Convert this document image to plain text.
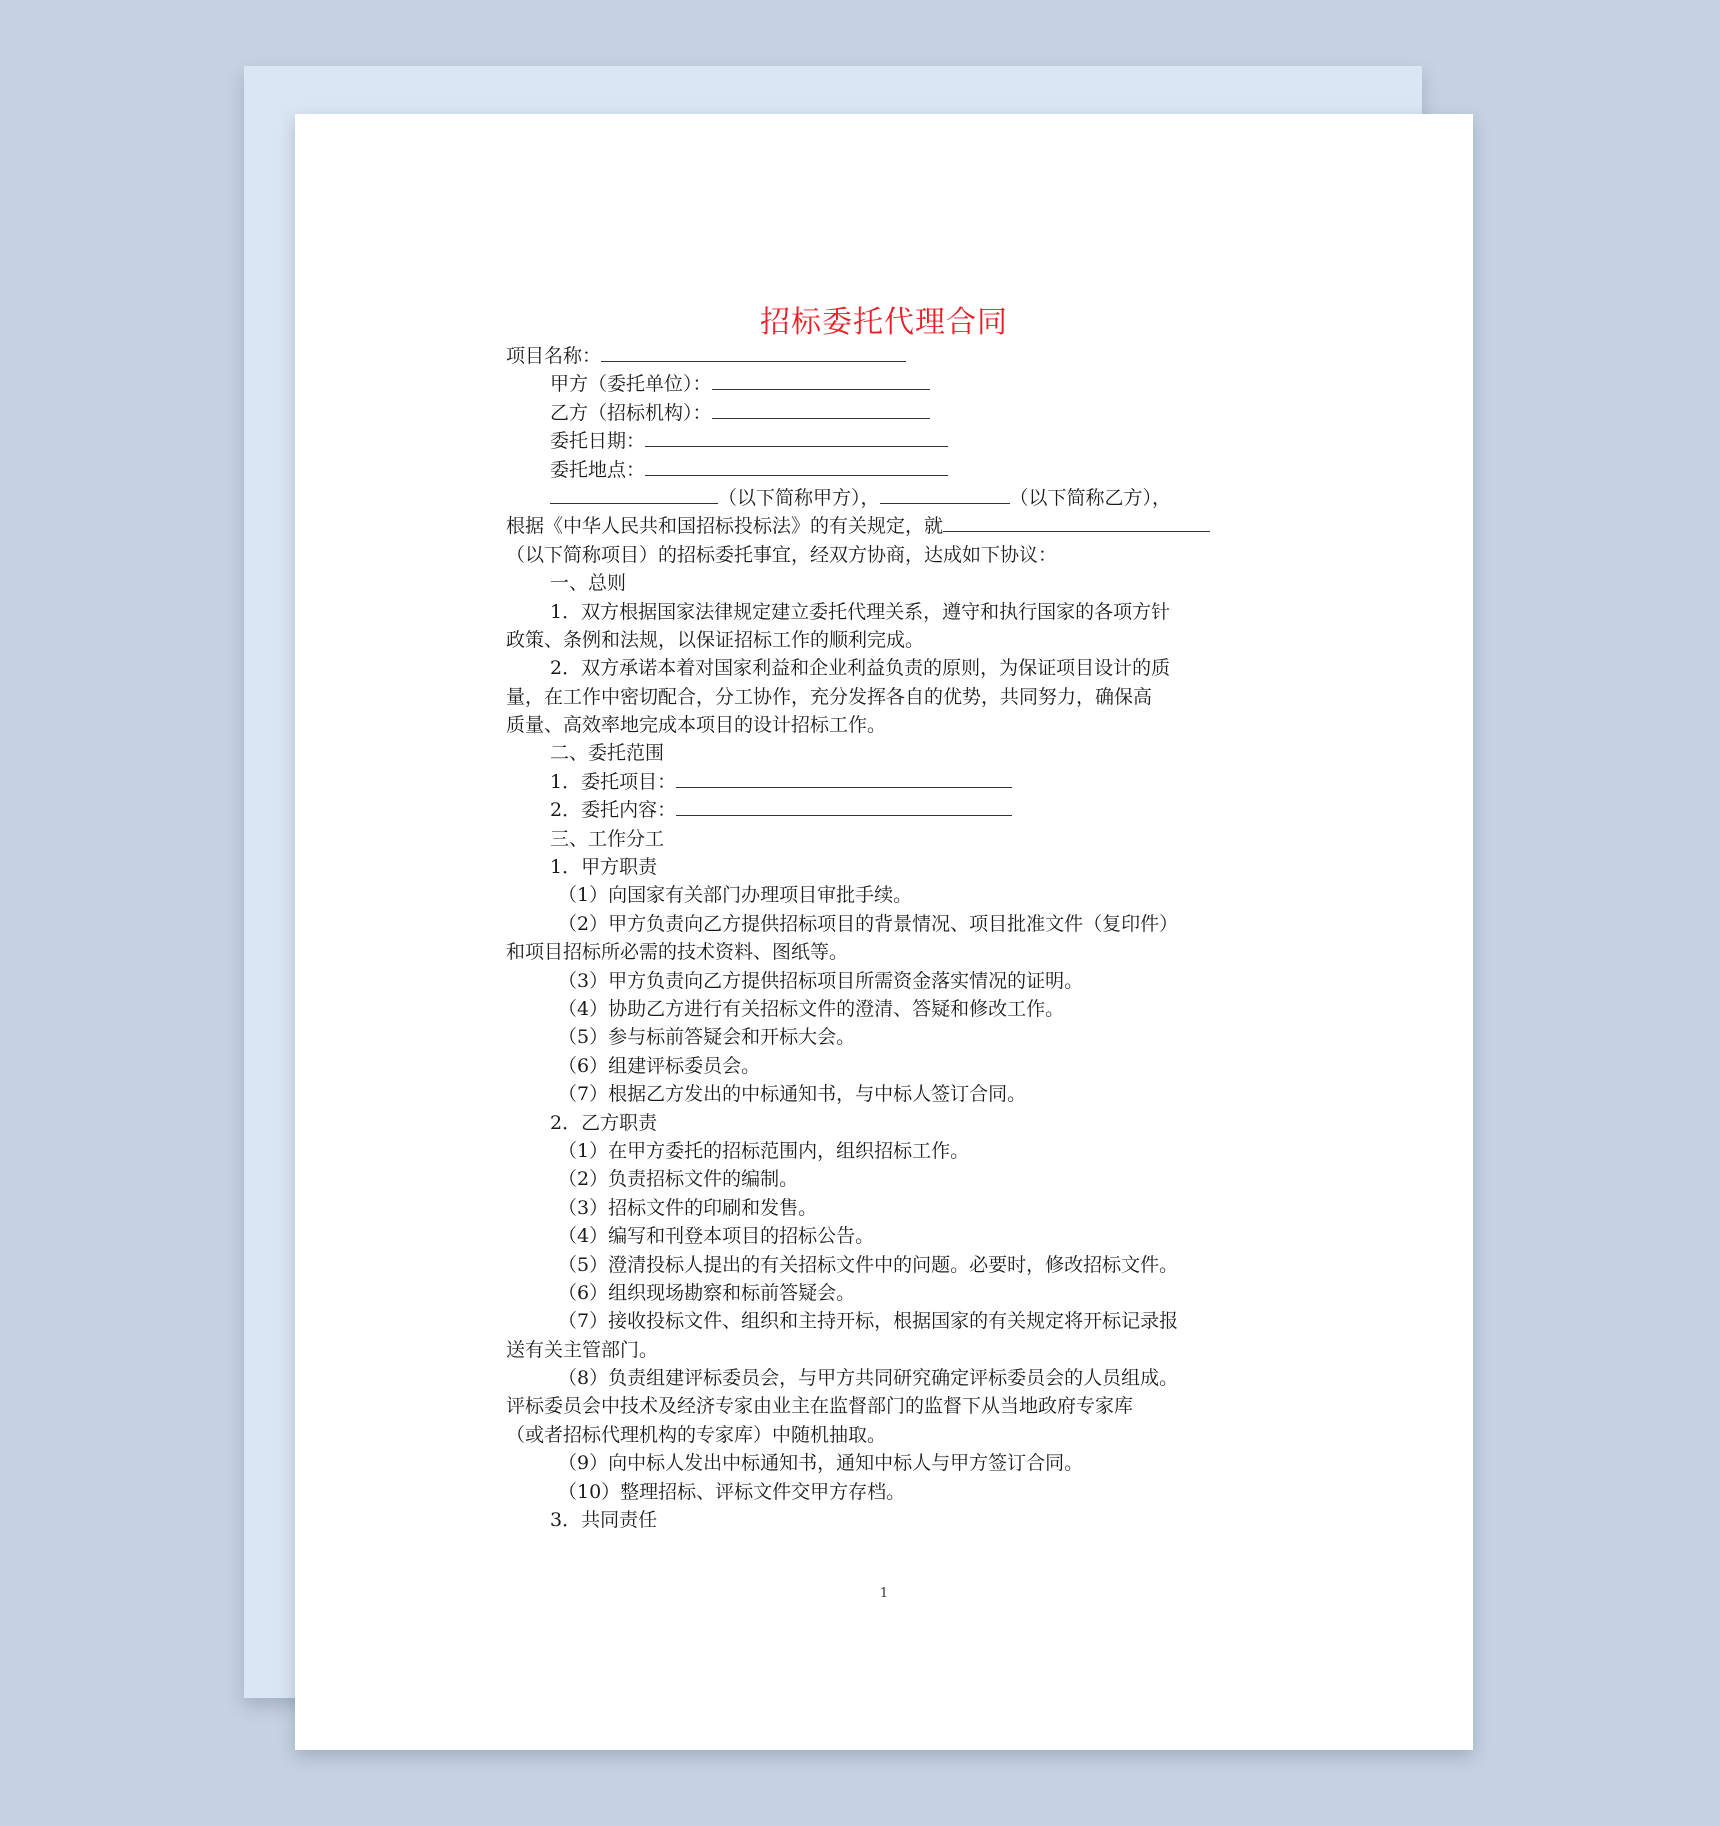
招标委托代理合同
项目名称：
甲方（委托单位）：
乙方（招标机构）：
委托日期：
委托地点：
（以下简称甲方），	（以下简称乙方），
根据《中华人民共和国招标投标法》的有关规定，就
（以下简称项目）的招标委托事宜，经双方协商，达成如下协议：
一、总则
1．双方根据国家法律规定建立委托代理关系，遵守和执行国家的各项方针
政策、条例和法规，以保证招标工作的顺利完成。
2．双方承诺本着对国家利益和企业利益负责的原则，为保证项目设计的质
量，在工作中密切配合，分工协作，充分发挥各自的优势，共同努力，确保高
质量、高效率地完成本项目的设计招标工作。
二、委托范围
1．委托项目：
2．委托内容：
三、工作分工
1．甲方职责
（1）向国家有关部门办理项目审批手续。
（2）甲方负责向乙方提供招标项目的背景情况、项目批准文件（复印件）
和项目招标所必需的技术资料、图纸等。
（3）甲方负责向乙方提供招标项目所需资金落实情况的证明。
（4）协助乙方进行有关招标文件的澄清、答疑和修改工作。
（5）参与标前答疑会和开标大会。
（6）组建评标委员会。
（7）根据乙方发出的中标通知书，与中标人签订合同。
2．乙方职责
（1）在甲方委托的招标范围内，组织招标工作。
（2）负责招标文件的编制。
（3）招标文件的印刷和发售。
（4）编写和刊登本项目的招标公告。
（5）澄清投标人提出的有关招标文件中的问题。必要时，修改招标文件。
（6）组织现场勘察和标前答疑会。
（7）接收投标文件、组织和主持开标，根据国家的有关规定将开标记录报
送有关主管部门。
（8）负责组建评标委员会，与甲方共同研究确定评标委员会的人员组成。
评标委员会中技术及经济专家由业主在监督部门的监督下从当地政府专家库
（或者招标代理机构的专家库）中随机抽取。
（9）向中标人发出中标通知书，通知中标人与甲方签订合同。
（10）整理招标、评标文件交甲方存档。
3．共同责任
1
